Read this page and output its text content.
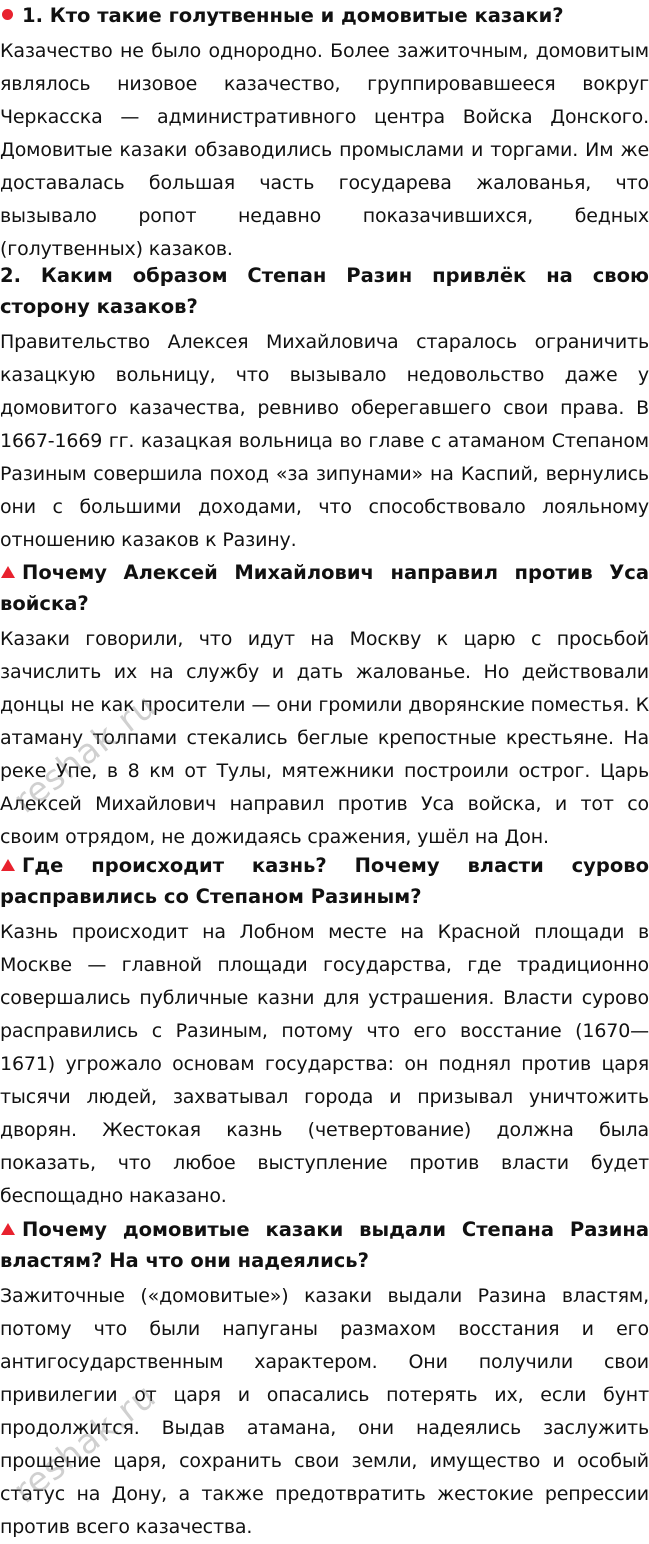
1. Кто такие голутвенные и домовитые казаки?

Казачество не было однородно. Более зажиточным, домовитым являлось низовое казачество, группировавшееся вокруг Черкасска — административного центра Войска Донского. Домовитые казаки обзаводились промыслами и торгами. Им же доставалась большая часть государева жалованья, что вызывало ропот недавно показачившихся, бедных (голутвенных) казаков.

2. Каким образом Степан Разин привлёк на свою сторону казаков?

Правительство Алексея Михайловича старалось ограничить казацкую вольницу, что вызывало недовольство даже у домовитого казачества, ревниво оберегавшего свои права. В 1667-1669 гг. казацкая вольница во главе с атаманом Степаном Разиным совершила поход «за зипунами» на Каспий, вернулись они с большими доходами, что способствовало лояльному отношению казаков к Разину.

Почему Алексей Михайлович направил против Уса войска?

Казаки говорили, что идут на Москву к царю с просьбой зачислить их на службу и дать жалованье. Но действовали донцы не как просители — они громили дворянские поместья. К атаману толпами стекались беглые крепостные крестьяне. На реке Упе, в 8 км от Тулы, мятежники построили острог. Царь Алексей Михайлович направил против Уса войска, и тот со своим отрядом, не дожидаясь сражения, ушёл на Дон.

Где происходит казнь? Почему власти сурово расправились со Степаном Разиным?

Казнь происходит на Лобном месте на Красной площади в Москве — главной площади государства, где традиционно совершались публичные казни для устрашения. Власти сурово расправились с Разиным, потому что его восстание (1670—1671) угрожало основам государства: он поднял против царя тысячи людей, захватывал города и призывал уничтожить дворян. Жестокая казнь (четвертование) должна была показать, что любое выступление против власти будет беспощадно наказано.

Почему домовитые казаки выдали Степана Разина властям? На что они надеялись?

Зажиточные («домовитые») казаки выдали Разина властям, потому что были напуганы размахом восстания и его антигосударственным характером. Они получили свои привилегии от царя и опасались потерять их, если бунт продолжится. Выдав атамана, они надеялись заслужить прощение царя, сохранить свои земли, имущество и особый статус на Дону, а также предотвратить жестокие репрессии против всего казачества.

reshak.ru
reshak.ru
